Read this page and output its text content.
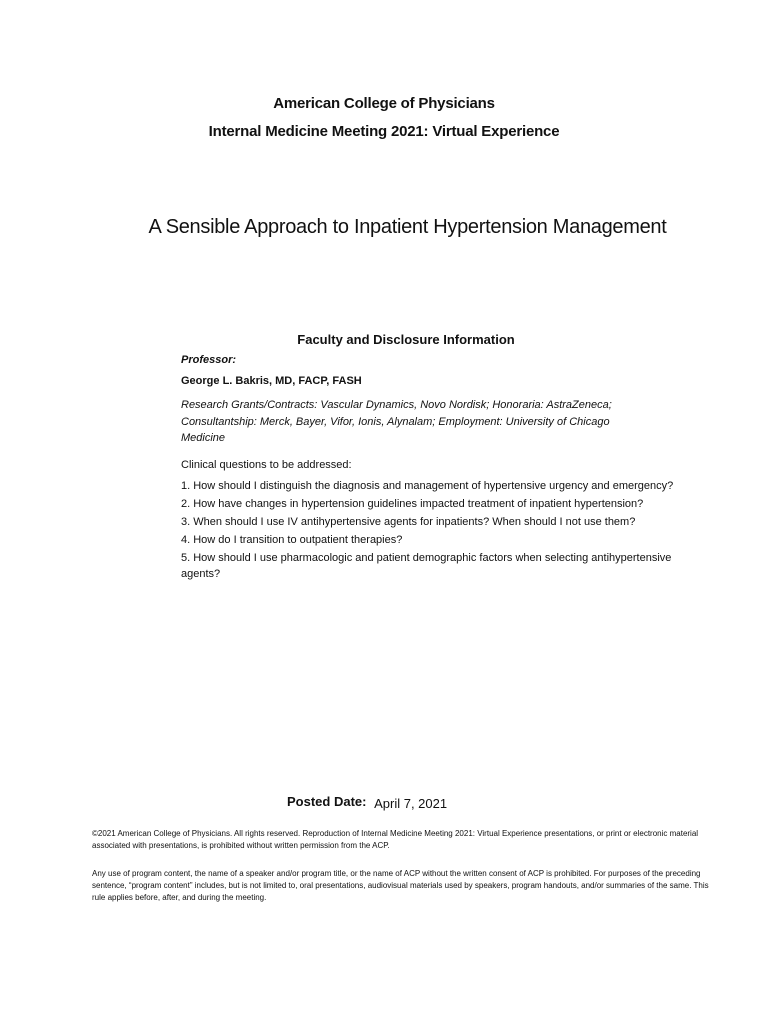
American College of Physicians
Internal Medicine Meeting 2021: Virtual Experience
A Sensible Approach to Inpatient Hypertension Management
Faculty and Disclosure Information
Professor:
George L. Bakris, MD, FACP, FASH
Research Grants/Contracts: Vascular Dynamics, Novo Nordisk; Honoraria: AstraZeneca; Consultantship: Merck, Bayer, Vifor, Ionis, Alynalam; Employment: University of Chicago Medicine
Clinical questions to be addressed:
1. How should I distinguish the diagnosis and management of hypertensive urgency and emergency?
2. How have changes in hypertension guidelines impacted treatment of inpatient hypertension?
3. When should I use IV antihypertensive agents for inpatients? When should I not use them?
4. How do I transition to outpatient therapies?
5. How should I use pharmacologic and patient demographic factors when selecting antihypertensive agents?
Posted Date: April 7, 2021
©2021 American College of Physicians. All rights reserved. Reproduction of Internal Medicine Meeting 2021: Virtual Experience presentations, or print or electronic material associated with presentations, is prohibited without written permission from the ACP.
Any use of program content, the name of a speaker and/or program title, or the name of ACP without the written consent of ACP is prohibited. For purposes of the preceding sentence, “program content” includes, but is not limited to, oral presentations, audiovisual materials used by speakers, program handouts, and/or summaries of the same. This rule applies before, after, and during the meeting.
